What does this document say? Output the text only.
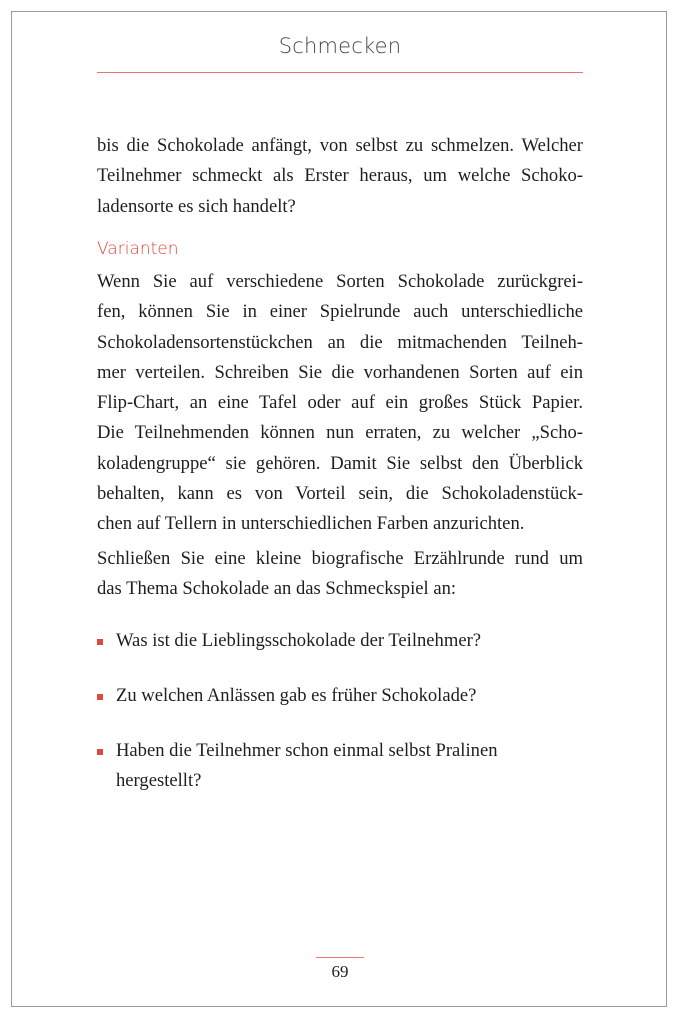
Schmecken
bis die Schokolade anfängt, von selbst zu schmelzen. Welcher
Teilnehmer schmeckt als Erster heraus, um welche Schoko-
ladensorte es sich handelt?
Varianten
Wenn Sie auf verschiedene Sorten Schokolade zurückgrei-
fen, können Sie in einer Spielrunde auch unterschiedliche
Schokoladensortenstückchen an die mitmachenden Teilneh-
mer verteilen. Schreiben Sie die vorhandenen Sorten auf ein
Flip-Chart, an eine Tafel oder auf ein großes Stück Papier.
Die Teilnehmenden können nun erraten, zu welcher „Scho-
koladengruppe“ sie gehören. Damit Sie selbst den Überblick
behalten, kann es von Vorteil sein, die Schokoladenstück-
chen auf Tellern in unterschiedlichen Farben anzurichten.
Schließen Sie eine kleine biografische Erzählrunde rund um
das Thema Schokolade an das Schmeckspiel an:
Was ist die Lieblingsschokolade der Teilnehmer?
Zu welchen Anlässen gab es früher Schokolade?
Haben die Teilnehmer schon einmal selbst Pralinen
hergestellt?
69
